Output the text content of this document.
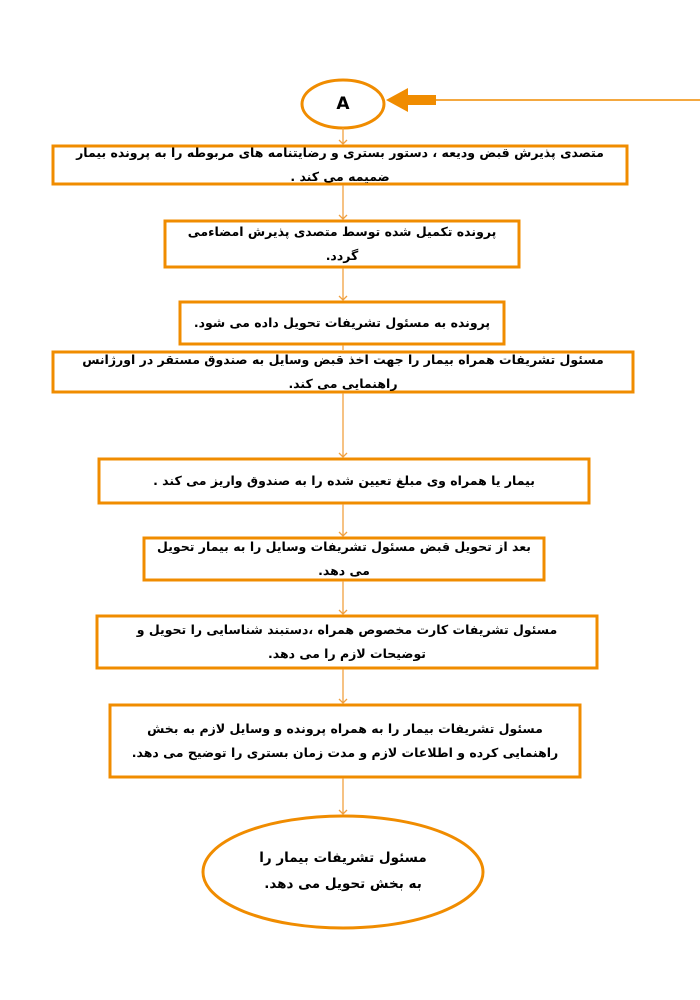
A
متصدی پذیرش قبض ودیعه ، دستور بستری و رضایتنامه های مربوطه را به پرونده بیمار ضمیمه می کند .
پرونده تکمیل شده توسط متصدی پذیرش امضاءمی گردد.
پرونده به مسئول تشریفات تحویل داده می شود.
مسئول تشریفات همراه بیمار را جهت اخذ قبض وسایل به صندوق مستقر در اورژانس راهنمایی می کند.
بیمار یا همراه وی مبلغ تعیین شده را به صندوق واریز می کند .
بعد از تحویل قبض مسئول تشریفات وسایل را به بیمار تحویل می دهد.
مسئول تشریفات کارت مخصوص همراه ،دستبند شناسایی را تحویل و توضیحات لازم را می دهد.
مسئول تشریفات بیمار را به همراه پرونده و وسایل لازم به بخش راهنمایی کرده و اطلاعات لازم و مدت زمان بستری را توضیح می دهد.
مسئول تشریفات بیمار را به بخش تحویل می دهد.
